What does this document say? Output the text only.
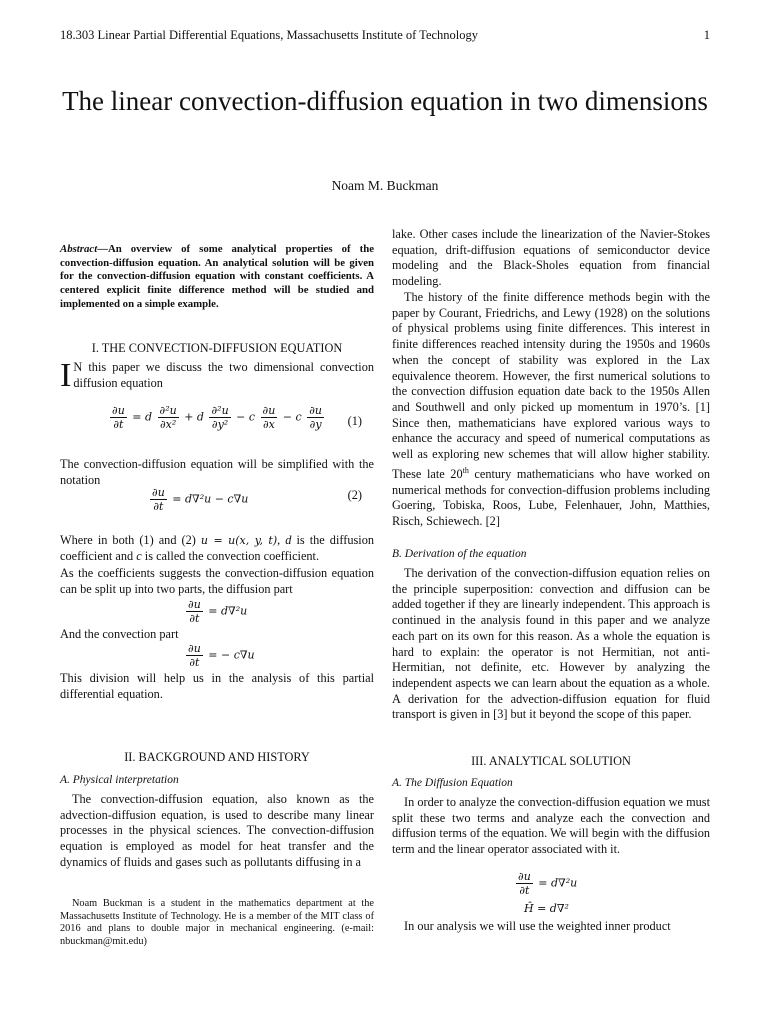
18.303 Linear Partial Differential Equations, Massachusetts Institute of Technology	1
The linear convection-diffusion equation in two dimensions
Noam M. Buckman
Abstract—An overview of some analytical properties of the convection-diffusion equation. An analytical solution will be given for the convection-diffusion equation with constant coefficients. A centered explicit finite difference method will be studied and implemented on a simple example.
I. THE CONVECTION-DIFFUSION EQUATION
I N this paper we discuss the two dimensional convection diffusion equation
$\frac{\partial u}{\partial t} = d \frac{\text{∂²u}}{\text{∂x²}} + d \frac{\text{∂²u}}{\text{∂y²}} - c \frac{\partial u}{\partial x} - c \frac{\partial u}{\partial y} (1)$
The convection-diffusion equation will be simplified with the notation
$\frac{\partial u}{\partial t} = d\nabla^2u - c\nabla u$	(2)
Where in both (1) and (2) u = u(x, y, t), d is the diffusion coefficient and c is called the convection coefficient.
As the coefficients suggests the convection-diffusion equation can be split up into two parts, the diffusion part
$\frac{\partial u}{\partial t} = d\nabla^2u$
And the convection part
$\frac{\partial u}{\partial t}$ = − c∇u
This division will help us in the analysis of this partial differential equation.
II. BACKGROUND AND HISTORY
A. Physical interpretation
The convection-diffusion equation, also known as the advection-diffusion equation, is used to describe many linear processes in the physical sciences. The convection-diffusion equation is employed as model for heat transfer and the dynamics of fluids and gases such as pollutants diffusing in a
Noam Buckman is a student in the mathematics department at the Massachusetts Institute of Technology. He is a member of the MIT class of 2016 and plans to double major in mechanical engineering. (e-mail: nbuckman@mit.edu)
lake. Other cases include the linearization of the Navier-Stokes equation, drift-diffusion equations of semiconductor device modeling and the Black-Sholes equation from financial modeling.
The history of the finite difference methods begin with the paper by Courant, Friedrichs, and Lewy (1928) on the solutions of physical problems using finite differences. This interest in finite differences reached intensity during the 1950s and 1960s when the concept of stability was explored in the Lax equivalence theorem. However, the first numerical solutions to the convection diffusion equation date back to the 1950s Allen and Southwell and only picked up momentum in 1970’s. [1] Since then, mathematicians have explored various ways to enhance the accuracy and speed of numerical computations as well as exploring new schemes that will allow higher stability. These late 20th century mathematicians who have worked on numerical methods for convection-diffusion problems including Goering, Tobiska, Roos, Lube, Felenhauer, John, Matthies, Risch, Schiewech. [2]
B. Derivation of the equation
The derivation of the convection-diffusion equation relies on the principle superposition: convection and diffusion can be added together if they are linearly independent. This approach is continued in the analysis found in this paper and we analyze each part on its own for this reason. As a whole the equation is hard to explain: the operator is not Hermitian, not anti-Hermitian, not definite, etc. However by analyzing the independent aspects we can learn about the equation as a whole. A derivation for the advection-diffusion equation for fluid transport is given in [3] but it beyond the scope of this paper.
III. ANALYTICAL SOLUTION
A. The Diffusion Equation
In order to analyze the convection-diffusion equation we must split these two terms and analyze each the convection and diffusion terms of the equation. We will begin with the diffusion term and the linear operator associated with it.
$\frac{\partial u}{\partial t} = d\nabla^2u$
Ĥ = d∇²
In our analysis we will use the weighted inner product
